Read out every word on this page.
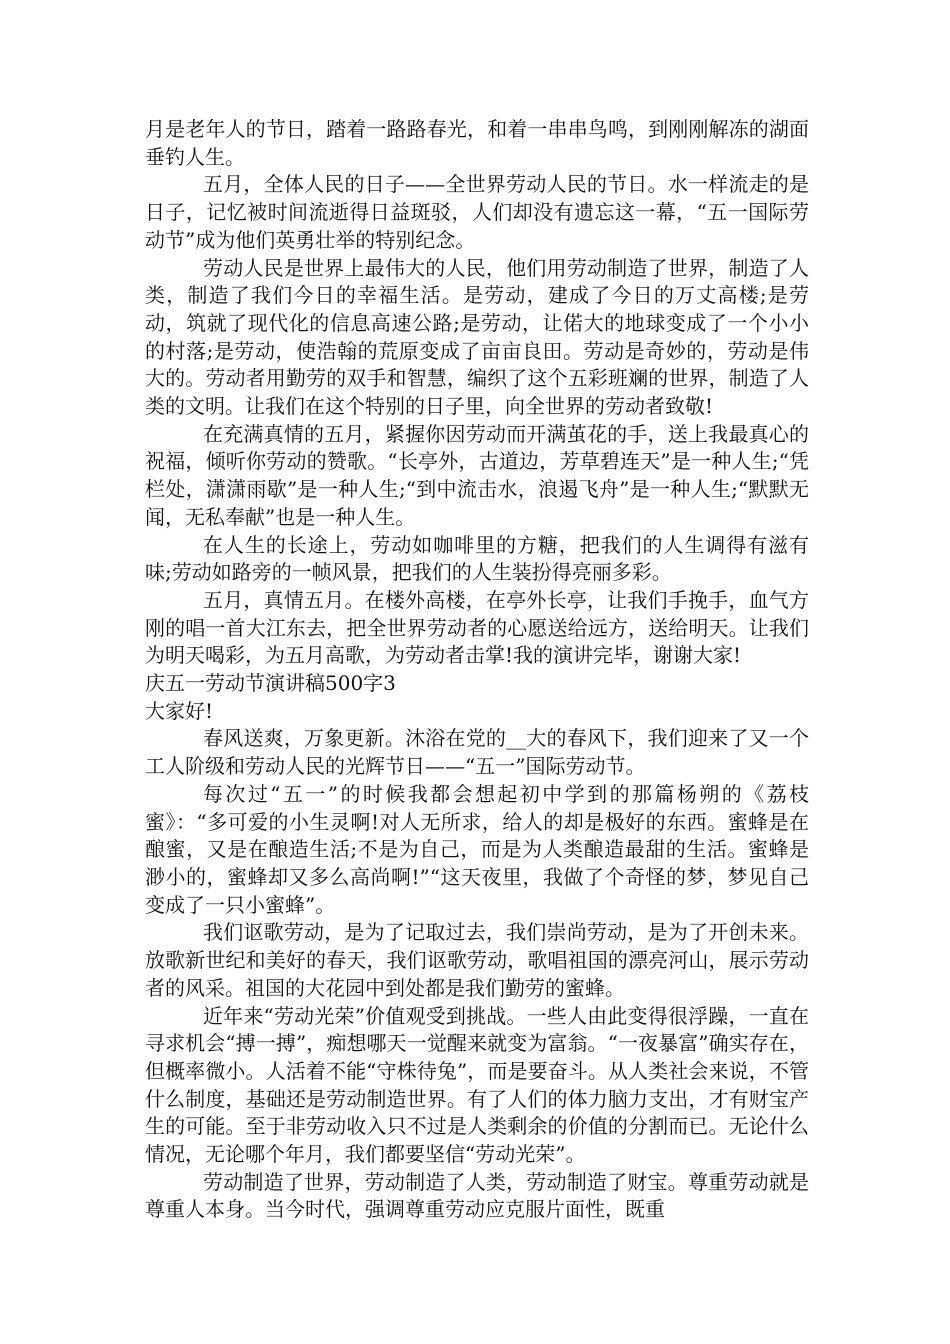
月是老年人的节日，踏着一路路春光，和着一串串鸟鸣，到刚刚解冻的湖面垂钓人生。

五月，全体人民的日子——全世界劳动人民的节日。水一样流走的是日子，记忆被时间流逝得日益斑驳，人们却没有遗忘这一幕，“五一国际劳动节”成为他们英勇壮举的特别纪念。

劳动人民是世界上最伟大的人民，他们用劳动制造了世界，制造了人类，制造了我们今日的幸福生活。是劳动，建成了今日的万丈高楼;是劳动，筑就了现代化的信息高速公路;是劳动，让偌大的地球变成了一个小小的村落;是劳动，使浩翰的荒原变成了亩亩良田。劳动是奇妙的，劳动是伟大的。劳动者用勤劳的双手和智慧，编织了这个五彩班斓的世界，制造了人类的文明。让我们在这个特别的日子里，向全世界的劳动者致敬!

在充满真情的五月，紧握你因劳动而开满茧花的手，送上我最真心的祝福，倾听你劳动的赞歌。“长亭外，古道边，芳草碧连天”是一种人生;“凭栏处，潇潇雨歇”是一种人生;“到中流击水，浪遏飞舟”是一种人生;“默默无闻，无私奉献”也是一种人生。

在人生的长途上，劳动如咖啡里的方糖，把我们的人生调得有滋有味;劳动如路旁的一帧风景，把我们的人生装扮得亮丽多彩。

五月，真情五月。在楼外高楼，在亭外长亭，让我们手挽手，血气方刚的唱一首大江东去，把全世界劳动者的心愿送给远方，送给明天。让我们为明天喝彩，为五月高歌，为劳动者击掌!我的演讲完毕，谢谢大家!

庆五一劳动节演讲稿500字3

大家好!

春风送爽，万象更新。沐浴在党的__大的春风下，我们迎来了又一个工人阶级和劳动人民的光辉节日——“五一”国际劳动节。

每次过“五一”的时候我都会想起初中学到的那篇杨朔的《荔枝蜜》：“多可爱的小生灵啊!对人无所求，给人的却是极好的东西。蜜蜂是在酿蜜，又是在酿造生活;不是为自己，而是为人类酿造最甜的生活。蜜蜂是渺小的，蜜蜂却又多么高尚啊!”“这天夜里，我做了个奇怪的梦，梦见自己变成了一只小蜜蜂”。

我们讴歌劳动，是为了记取过去，我们崇尚劳动，是为了开创未来。放歌新世纪和美好的春天，我们讴歌劳动，歌唱祖国的漂亮河山，展示劳动者的风采。祖国的大花园中到处都是我们勤劳的蜜蜂。

近年来“劳动光荣”价值观受到挑战。一些人由此变得很浮躁，一直在寻求机会“搏一搏”，痴想哪天一觉醒来就变为富翁。“一夜暴富”确实存在，但概率微小。人活着不能“守株待兔”，而是要奋斗。从人类社会来说，不管什么制度，基础还是劳动制造世界。有了人们的体力脑力支出，才有财宝产生的可能。至于非劳动收入只不过是人类剩余的价值的分割而已。无论什么情况，无论哪个年月，我们都要坚信“劳动光荣”。

劳动制造了世界，劳动制造了人类，劳动制造了财宝。尊重劳动就是尊重人本身。当今时代，强调尊重劳动应克服片面性，既重
